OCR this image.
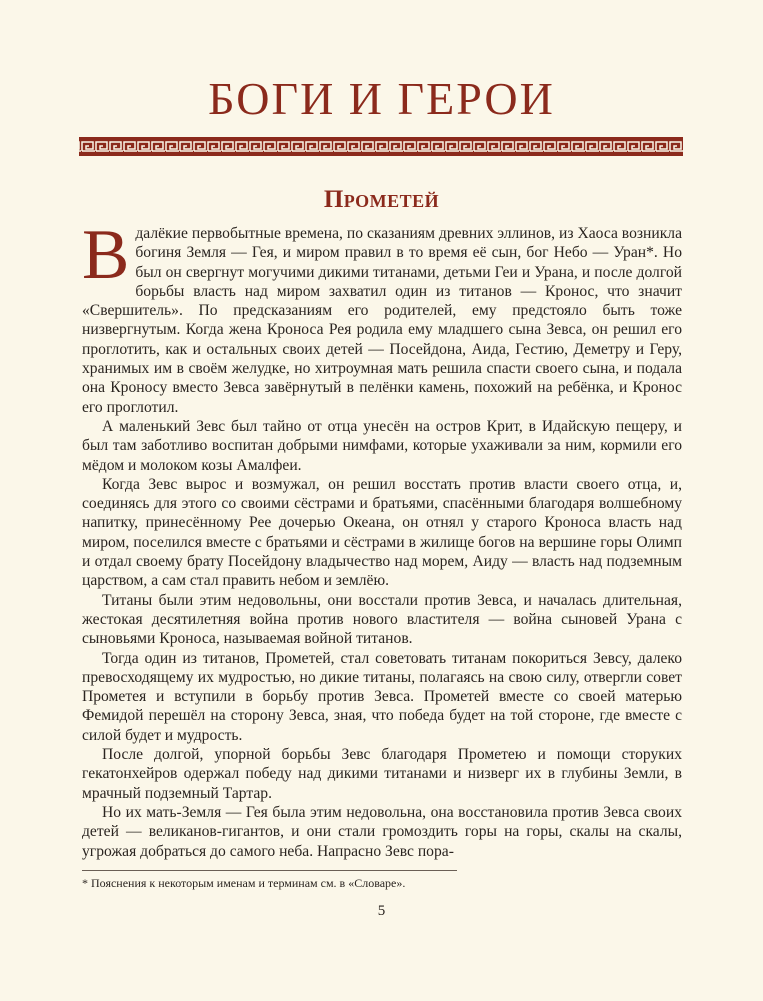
БОГИ И ГЕРОИ
Прометей

Вдалёкие первобытные времена, по сказаниям древних эллинов, из Хаоса возникла богиня Земля — Гея, и миром правил в то время её сын, бог Небо — Уран*. Но был он свергнут могучими дикими титанами, детьми Геи и Урана, и после долгой борьбы власть над миром захватил один из титанов — Кронос, что значит «Свершитель». По предсказаниям его родителей, ему предстояло быть тоже низвергнутым. Когда жена Кроноса Рея родила ему младшего сына Зевса, он решил его проглотить, как и остальных своих детей — Посейдона, Аида, Гестию, Деметру и Геру, хранимых им в своём желудке, но хитроумная мать решила спасти своего сына, и подала она Кроносу вместо Зевса завёрнутый в пелёнки камень, похожий на ребёнка, и Кронос его проглотил.

А маленький Зевс был тайно от отца унесён на остров Крит, в Идайскую пещеру, и был там заботливо воспитан добрыми нимфами, которые ухаживали за ним, кормили его мёдом и молоком козы Амалфеи.

Когда Зевс вырос и возмужал, он решил восстать против власти своего отца, и, соединясь для этого со своими сёстрами и братьями, спасёнными благодаря волшебному напитку, принесённому Рее дочерью Океана, он отнял у старого Кроноса власть над миром, поселился вместе с братьями и сёстрами в жилище богов на вершине горы Олимп и отдал своему брату Посейдону владычество над морем, Аиду — власть над подземным царством, а сам стал править небом и землёю.

Титаны были этим недовольны, они восстали против Зевса, и началась длительная, жестокая десятилетняя война против нового властителя — война сыновей Урана с сыновьями Кроноса, называемая войной титанов.

Тогда один из титанов, Прометей, стал советовать титанам покориться Зевсу, далеко превосходящему их мудростью, но дикие титаны, полагаясь на свою силу, отвергли совет Прометея и вступили в борьбу против Зевса. Прометей вместе со своей матерью Фемидой перешёл на сторону Зевса, зная, что победа будет на той стороне, где вместе с силой будет и мудрость.

После долгой, упорной борьбы Зевс благодаря Прометею и помощи сторуких гекатонхейров одержал победу над дикими титанами и низверг их в глубины Земли, в мрачный подземный Тартар.

Но их мать-Земля — Гея была этим недовольна, она восстановила против Зевса своих детей — великанов-гигантов, и они стали громоздить горы на горы, скалы на скалы, угрожая добраться до самого неба. Напрасно Зевс пора-

* Пояснения к некоторым именам и терминам см. в «Словаре».

5
